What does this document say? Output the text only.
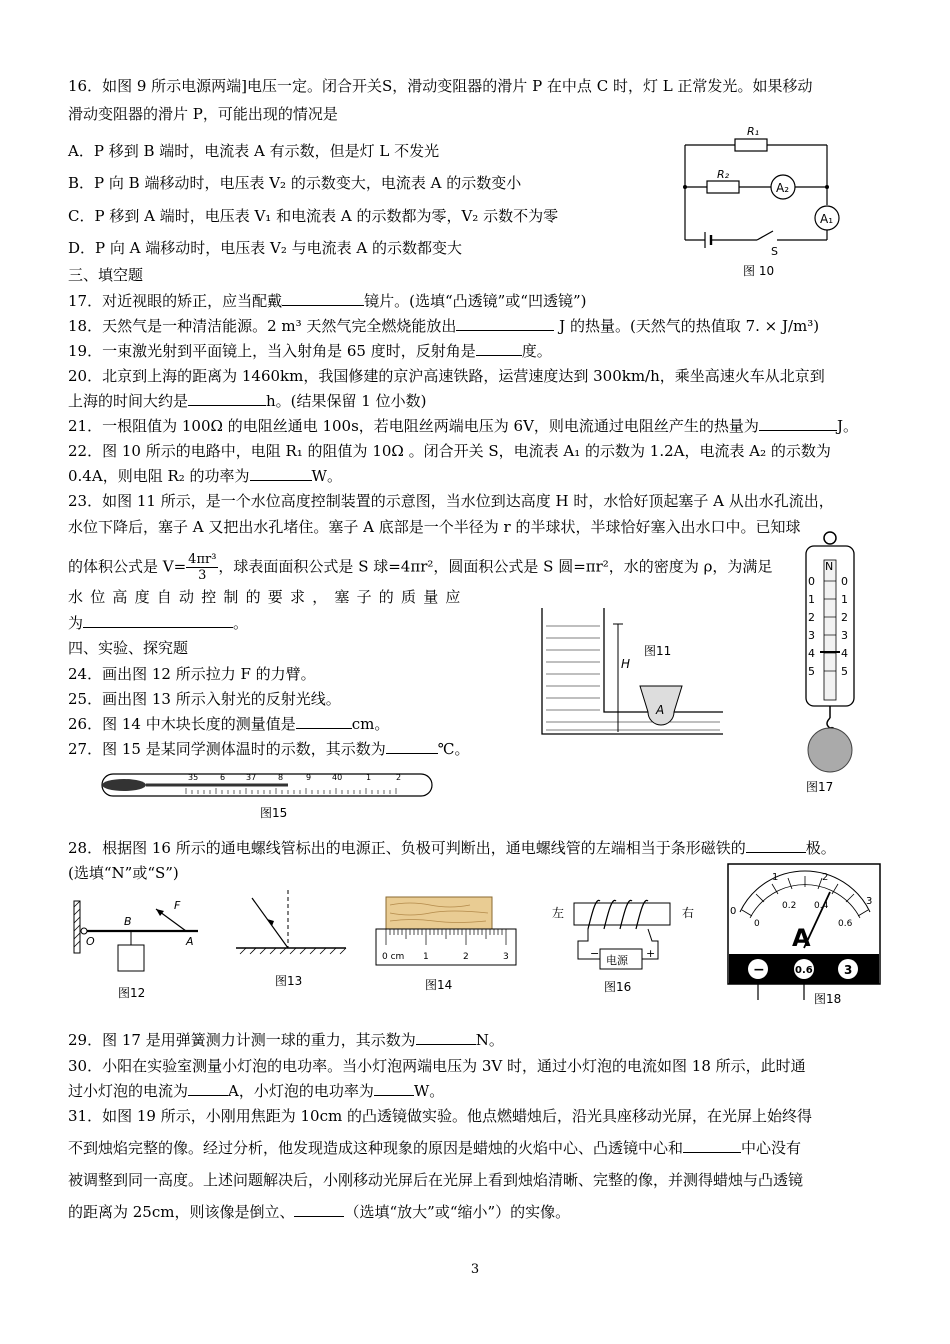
16．如图 9 所示电源两端]电压一定。闭合开关S，滑动变阻器的滑片 P 在中点 C 时，灯 L 正常发光。如果移动
滑动变阻器的滑片 P，可能出现的情况是
A．P 移到 B 端时，电流表 A 有示数，但是灯 L 不发光
B．P 向 B 端移动时，电压表 V₂ 的示数变大，电流表 A 的示数变小
C．P 移到 A 端时，电压表 V₁ 和电流表 A 的示数都为零，V₂ 示数不为零
D．P 向 A 端移动时，电压表 V₂ 与电流表 A 的示数都变大
三、填空题
17．对近视眼的矫正，应当配戴	镜片。(选填“凸透镜”或“凹透镜”)
18．天然气是一种清洁能源。2 m³ 天然气完全燃烧能放出	J 的热量。(天然气的热值取 7. × J/m³)
19．一束激光射到平面镜上，当入射角是 65 度时，反射角是	度。
20．北京到上海的距离为 1460km，我国修建的京沪高速铁路，运营速度达到 300km/h，乘坐高速火车从北京到
上海的时间大约是	h。(结果保留 1 位小数)
21．一根阻值为 100Ω 的电阻丝通电 100s，若电阻丝两端电压为 6V，则电流通过电阻丝产生的热量为	J。
22．图 10 所示的电路中，电阻 R₁ 的阻值为 10Ω 。闭合开关 S，电流表 A₁ 的示数为 1.2A，电流表 A₂ 的示数为
0.4A，则电阻 R₂ 的功率为	W。
23．如图 11 所示，是一个水位高度控制装置的示意图，当水位到达高度 H 时，水恰好顶起塞子 A 从出水孔流出，
水位下降后，塞子 A 又把出水孔堵住。塞子 A 底部是一个半径为 r 的半球状，半球恰好塞入出水口中。已知球
的体积公式是 $V= \frac{\text{4πr³}}{3}$ ，球表面面积公式是 S 球=4πr²，圆面积公式是 S 圆=πr²，水的密度为 ρ，为满足
水位高度自动控制的要求，塞子的质量应
为	。
四、实验、探究题
24．画出图 12 所示拉力 F 的力臂。
25．画出图 13 所示入射光的反射光线。
26．图 14 中木块长度的测量值是	cm。
27．图 15 是某同学测体温时的示数，其示数为	℃。
28．根据图 16 所示的通电螺线管标出的电源正、负极可判断出，通电螺线管的左端相当于条形磁铁的	极。
(选填“N”或“S”)
29．图 17 是用弹簧测力计测一球的重力，其示数为	N。
30．小阳在实验室测量小灯泡的电功率。当小灯泡两端电压为 3V 时，通过小灯泡的电流如图 18 所示，此时通
过小灯泡的电流为	A，小灯泡的电功率为	W。
31．如图 19 所示，小刚用焦距为 10cm 的凸透镜做实验。他点燃蜡烛后，沿光具座移动光屏，在光屏上始终得
不到烛焰完整的像。经过分析，他发现造成这种现象的原因是蜡烛的火焰中心、凸透镜中心和	中心没有
被调整到同一高度。上述问题解决后，小刚移动光屏后在光屏上看到烛焰清晰、完整的像，并测得蜡烛与凸透镜
的距离为 25cm，则该像是倒立、	（选填“放大”或“缩小”）的实像。
R₁
R₂
A₂
A₁
S
图 10
H
A
图11
0
1
2
3
4
5
0
1
2
3
4
5
N
图17
35	6	37	8	9	40	1	2
图15
O
B
A
F
图12
图13
0 cm 1	2	3
图14
左	右
电源
−	+
图16
0
1	2
3
0
0.2 0.4
0.6
A
−	0.6	3
图18
3
